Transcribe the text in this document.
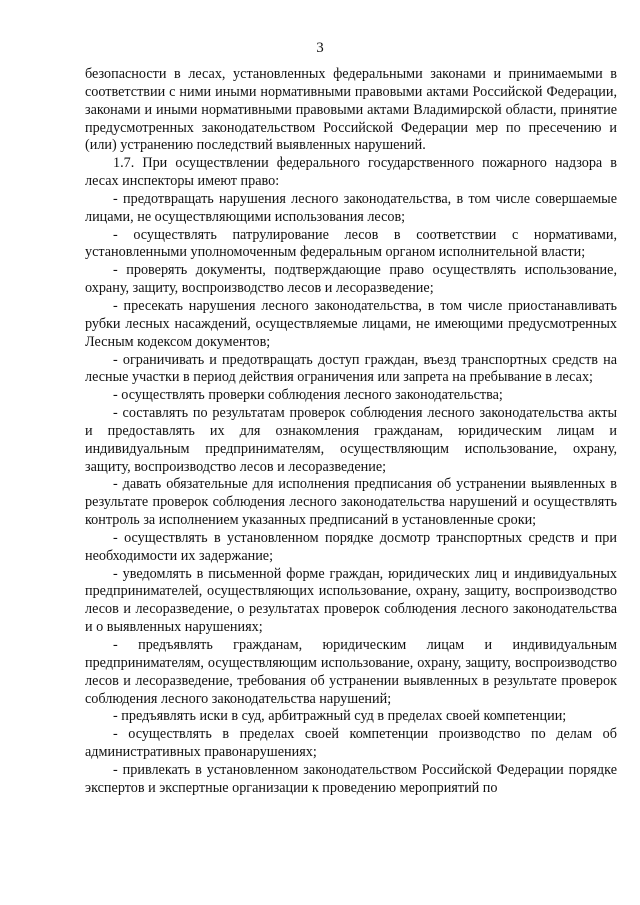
3

безопасности в лесах, установленных федеральными законами и принимаемыми в соответствии с ними иными нормативными правовыми актами Российской Федерации, законами и иными нормативными правовыми актами Владимирской области, принятие предусмотренных законодательством Российской Федерации мер по пресечению и (или) устранению последствий выявленных нарушений.

1.7. При осуществлении федерального государственного пожарного надзора в лесах инспекторы имеют право:

- предотвращать нарушения лесного законодательства, в том числе совершаемые лицами, не осуществляющими использования лесов;

- осуществлять патрулирование лесов в соответствии с нормативами, установленными уполномоченным федеральным органом исполнительной власти;

- проверять документы, подтверждающие право осуществлять использование, охрану, защиту, воспроизводство лесов и лесоразведение;

- пресекать нарушения лесного законодательства, в том числе приостанавливать рубки лесных насаждений, осуществляемые лицами, не имеющими предусмотренных Лесным кодексом документов;

- ограничивать и предотвращать доступ граждан, въезд транспортных средств на лесные участки в период действия ограничения или запрета на пребывание в лесах;

- осуществлять проверки соблюдения лесного законодательства;

- составлять по результатам проверок соблюдения лесного законодательства акты и предоставлять их для ознакомления гражданам, юридическим лицам и индивидуальным предпринимателям, осуществляющим использование, охрану, защиту, воспроизводство лесов и лесоразведение;

- давать обязательные для исполнения предписания об устранении выявленных в результате проверок соблюдения лесного законодательства нарушений и осуществлять контроль за исполнением указанных предписаний в установленные сроки;

- осуществлять в установленном порядке досмотр транспортных средств и при необходимости их задержание;

- уведомлять в письменной форме граждан, юридических лиц и индивидуальных предпринимателей, осуществляющих использование, охрану, защиту, воспроизводство лесов и лесоразведение, о результатах проверок соблюдения лесного законодательства и о выявленных нарушениях;

- предъявлять гражданам, юридическим лицам и индивидуальным предпринимателям, осуществляющим использование, охрану, защиту, воспроизводство лесов и лесоразведение, требования об устранении выявленных в результате проверок соблюдения лесного законодательства нарушений;

- предъявлять иски в суд, арбитражный суд в пределах своей компетенции;

- осуществлять в пределах своей компетенции производство по делам об административных правонарушениях;

- привлекать в установленном законодательством Российской Федерации порядке экспертов и экспертные организации к проведению мероприятий по
